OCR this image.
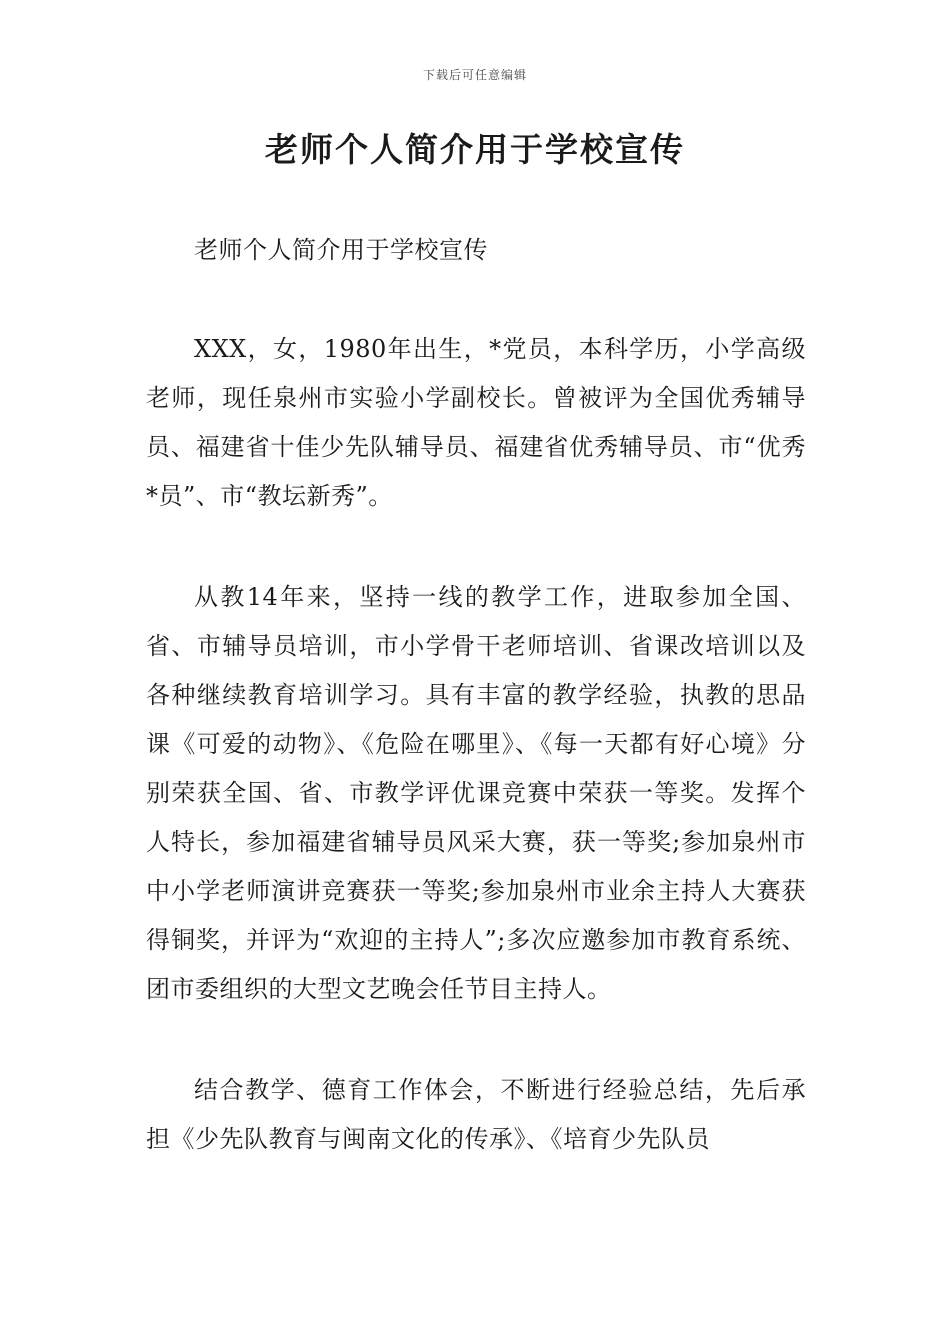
下载后可任意编辑
老师个人简介用于学校宣传

老师个人简介用于学校宣传

XXX，女，1980年出生，*党员，本科学历，小学高级老师，现任泉州市实验小学副校长。曾被评为全国优秀辅导员、福建省十佳少先队辅导员、福建省优秀辅导员、市“优秀*员”、市“教坛新秀”。

从教14年来，坚持一线的教学工作，进取参加全国、省、市辅导员培训，市小学骨干老师培训、省课改培训以及各种继续教育培训学习。具有丰富的教学经验，执教的思品课《可爱的动物》、《危险在哪里》、《每一天都有好心境》分别荣获全国、省、市教学评优课竞赛中荣获一等奖。发挥个人特长，参加福建省辅导员风采大赛，获一等奖;参加泉州市中小学老师演讲竞赛获一等奖;参加泉州市业余主持人大赛获得铜奖，并评为“欢迎的主持人”;多次应邀参加市教育系统、团市委组织的大型文艺晚会任节目主持人。

结合教学、德育工作体会，不断进行经验总结，先后承担《少先队教育与闽南文化的传承》、《培育少先队员
